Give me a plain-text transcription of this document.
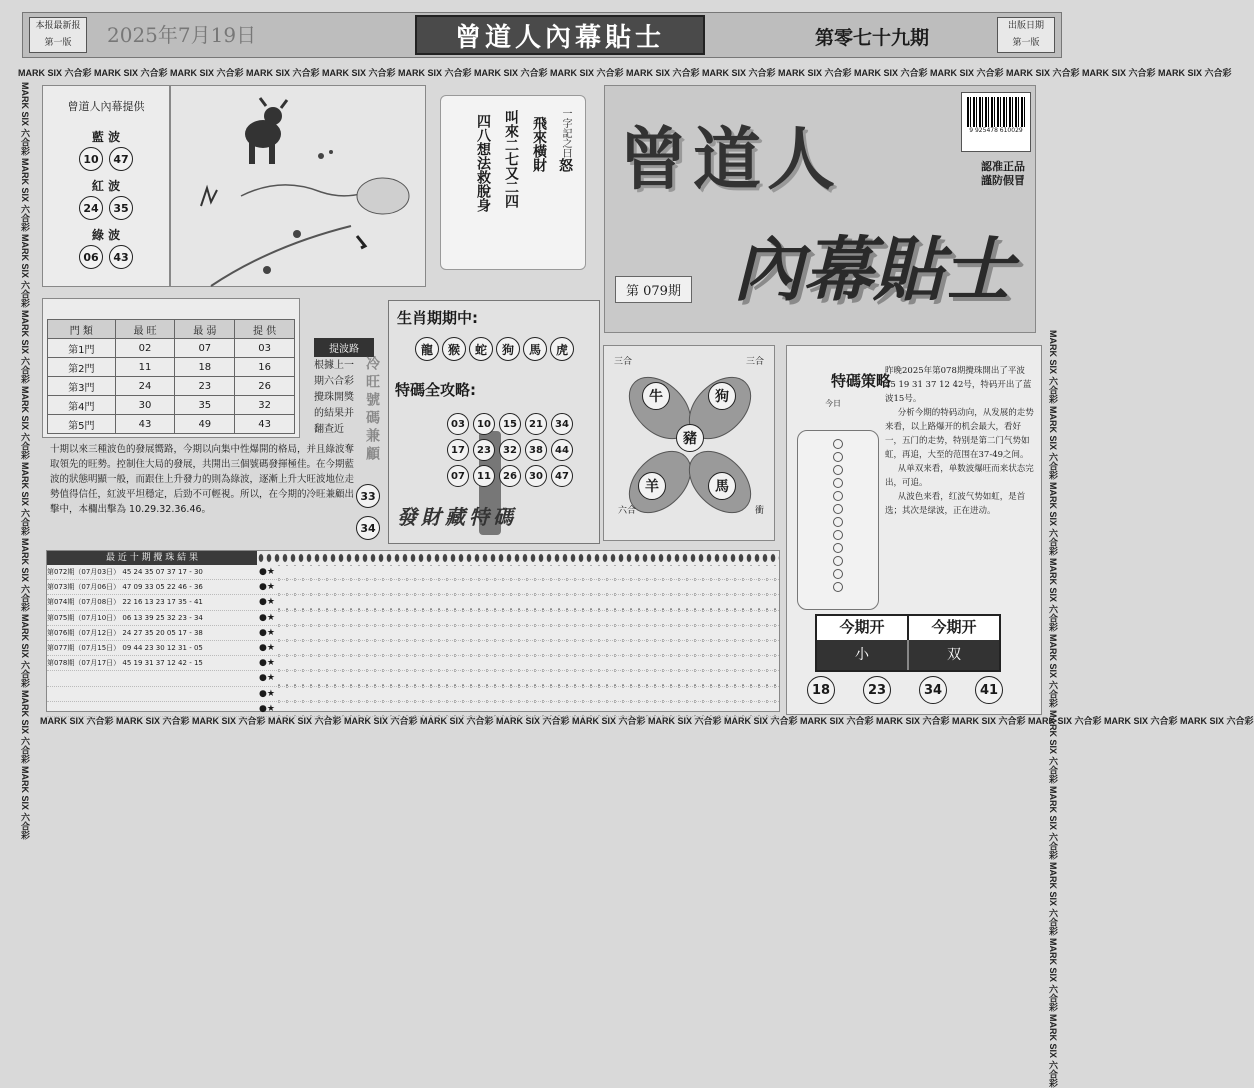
本报最新报
第一版	2025年7月19日	曾道人內幕貼士	第零七十九期
出版日期
第一版
MARK SIX 六合彩 MARK SIX 六合彩 MARK SIX 六合彩 MARK SIX 六合彩 MARK SIX 六合彩 MARK SIX 六合彩 MARK SIX 六合彩 MARK SIX 六合彩 MARK SIX 六合彩 MARK SIX 六合彩 MARK SIX 六合彩 MARK SIX 六合彩 MARK SIX 六合彩 MARK SIX 六合彩 MARK SIX 六合彩 MARK SIX 六合彩
MARK SIX 六合彩 MARK SIX 六合彩 MARK SIX 六合彩 MARK SIX 六合彩 MARK SIX 六合彩 MARK SIX 六合彩 MARK SIX 六合彩 MARK SIX 六合彩 MARK SIX 六合彩 MARK SIX 六合彩 MARK SIX 六合彩 MARK SIX 六合彩 MARK SIX 六合彩 MARK SIX 六合彩 MARK SIX 六合彩 MARK SIX 六合彩
MARK SIX 六合彩 MARK SIX 六合彩 MARK SIX 六合彩 MARK SIX 六合彩 MARK SIX 六合彩 MARK SIX 六合彩 MARK SIX 六合彩 MARK SIX 六合彩 MARK SIX 六合彩 MARK SIX 六合彩	MARK SIX 六合彩 MARK SIX 六合彩 MARK SIX 六合彩 MARK SIX 六合彩 MARK SIX 六合彩 MARK SIX 六合彩 MARK SIX 六合彩 MARK SIX 六合彩 MARK SIX 六合彩 MARK SIX 六合彩
曾道人內幕提供
藍 波
10	47
紅 波
24	35
綠 波
06	43
一字記之曰怒
飛來橫財
叫來二七又二四
四八想法救脫身 曾道人
內幕貼士
9 925478 610029
認准正品
謹防假冒
第 079期
門 類	最 旺	最 弱	提 供
第1門	02	07	03
第2門	11	18	16
第3門	24	23	26
第4門	30	35	32
第5門	43	49	43
提波路
根據上一期六合彩攪珠開獎的結果并翻查近	冷旺號碼兼顧
33
34
十期以來三種波色的發展嚮路，今期以向集中性爆開的格局，并且綠波奪取領先的旺勢。控制住大局的發展，共開出三個號碼發揮極佳。在今期藍波的狀態明顯一般，而跟住上升發力的則為綠波，逐漸上升大旺波地位走勢值得信任，紅波平坦穩定，后勁不可輕視。所以，在今期的冷旺兼顧出擊中，本欄出擊為 10.29.32.36.46。
生肖期期中:
龍	猴	蛇	狗	馬	虎
特碼全攻略:
03	10	15	21	34
17	23	32	38	44
07	11	26	30	47
發財藏特碼
三合	三合
六合	衝
牛	狗
豬
羊	馬
特碼策略
今日

昨晚2025年第078期攪珠開出了平波45 19 31 37 12 42号，特码开出了蓝波15号。

分析今期的特码动向，从发展的走势来看，以上路爆开的机会最大，看好一，五门的走势，特别是第二门气势如虹，再追，大至的范围在37-49之间。

从单双来看，单数波爆旺而来状态完出，可追。

从波色来看，红波气势如虹，是首选；其次是绿波，正在进动。

今期开	今期开
小	双
18	23	34	41
最 近 十 期 攪 珠 結 果
第072期（07月03日） 45 24 35 07 37 17 - 30	●★
第073期（07月06日） 47 09 33 05 22 46 - 36	●★
第074期（07月08日） 22 16 13 23 17 35 - 41	●★
第075期（07月10日） 06 13 39 25 32 23 - 34	●★
第076期（07月12日） 24 27 35 20 05 17 - 38	●★
第077期（07月15日） 09 44 23 30 12 31 - 05	●★
第078期（07月17日） 45 19 31 37 12 42 - 15	●★
●★
●★
●★
